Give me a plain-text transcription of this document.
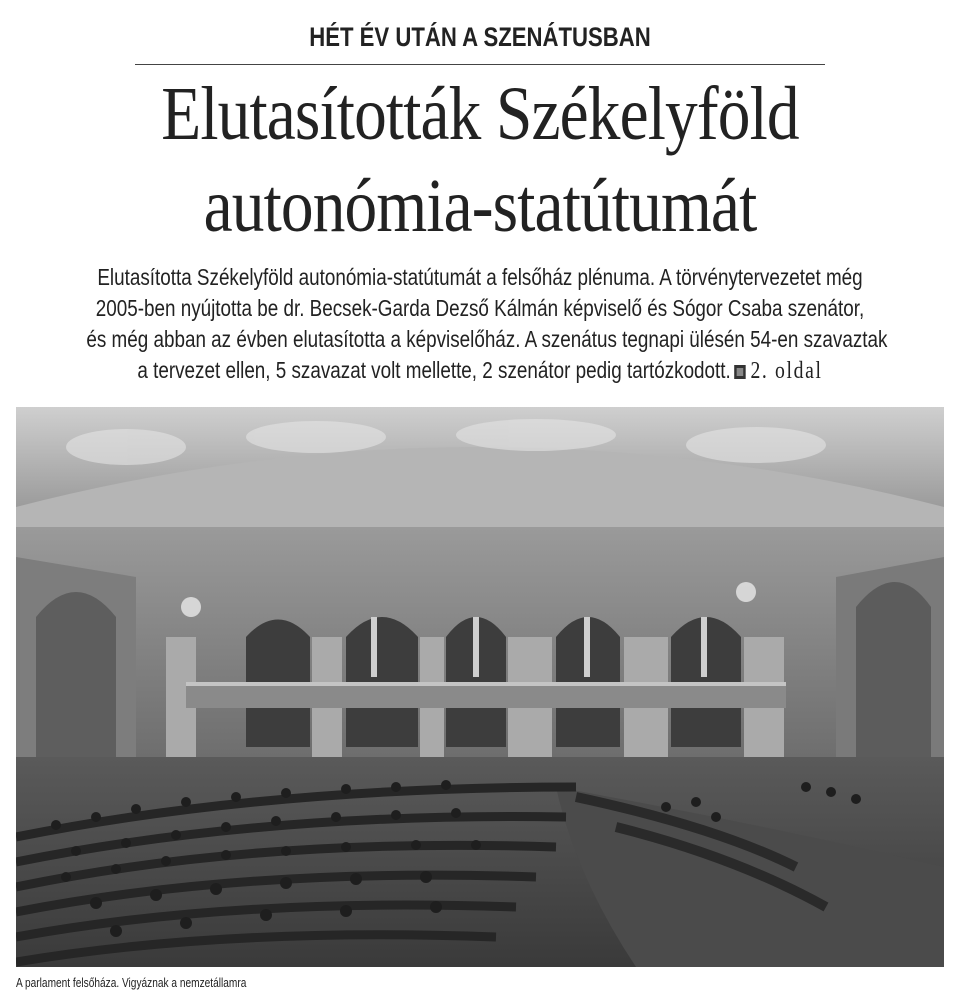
HÉT ÉV UTÁN A SZENÁTUSBAN
Elutasították Székelyföld
autonómia-statútumát
Elutasította Székelyföld autonómia-statútumát a felsőház plénuma. A törvénytervezetet még
2005-ben nyújtotta be dr. Becsek-Garda Dezső Kálmán képviselő és Sógor Csaba szenátor,
és még abban az évben elutasította a képviselőház. A szenátus tegnapi ülésén 54-en szavaztak
a tervezet ellen, 5 szavazat volt mellette, 2 szenátor pedig tartózkodott. 2. oldal
A parlament felsőháza. Vigyáznak a nemzetállamra
